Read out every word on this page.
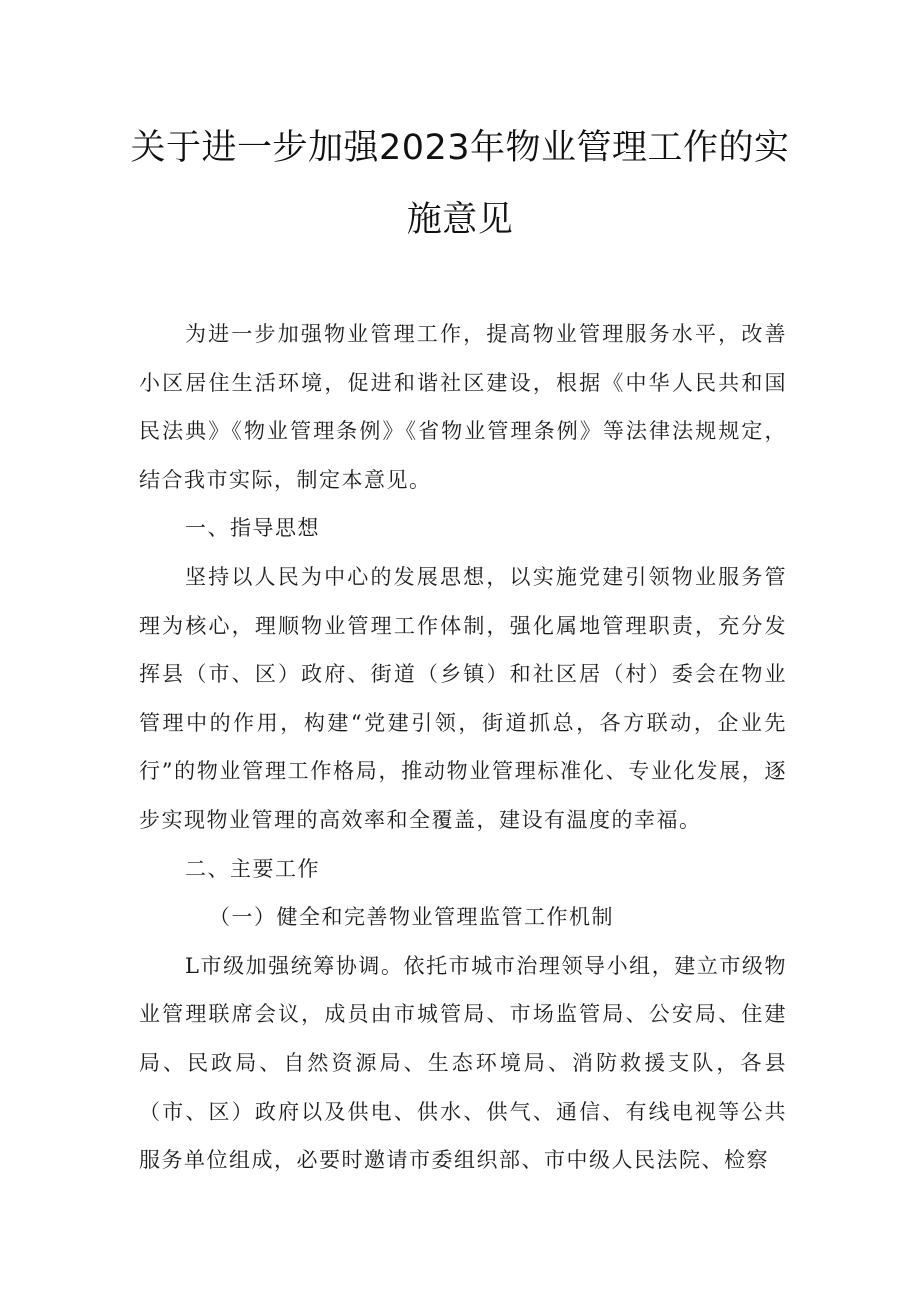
关于进一步加强2023年物业管理工作的实
施意见

为进一步加强物业管理工作，提高物业管理服务水平，改善小区居住生活环境，促进和谐社区建设，根据《中华人民共和国民法典》《物业管理条例》《省物业管理条例》等法律法规规定，结合我市实际，制定本意见。

一、指导思想

坚持以人民为中心的发展思想，以实施党建引领物业服务管理为核心，理顺物业管理工作体制，强化属地管理职责，充分发挥县（市、区）政府、街道（乡镇）和社区居（村）委会在物业管理中的作用，构建“党建引领，街道抓总，各方联动，企业先行”的物业管理工作格局，推动物业管理标准化、专业化发展，逐步实现物业管理的高效率和全覆盖，建设有温度的幸福。

二、主要工作

（一）健全和完善物业管理监管工作机制

L市级加强统筹协调。依托市城市治理领导小组，建立市级物业管理联席会议，成员由市城管局、市场监管局、公安局、住建局、民政局、自然资源局、生态环境局、消防救援支队，各县（市、区）政府以及供电、供水、供气、通信、有线电视等公共服务单位组成，必要时邀请市委组织部、市中级人民法院、检察
